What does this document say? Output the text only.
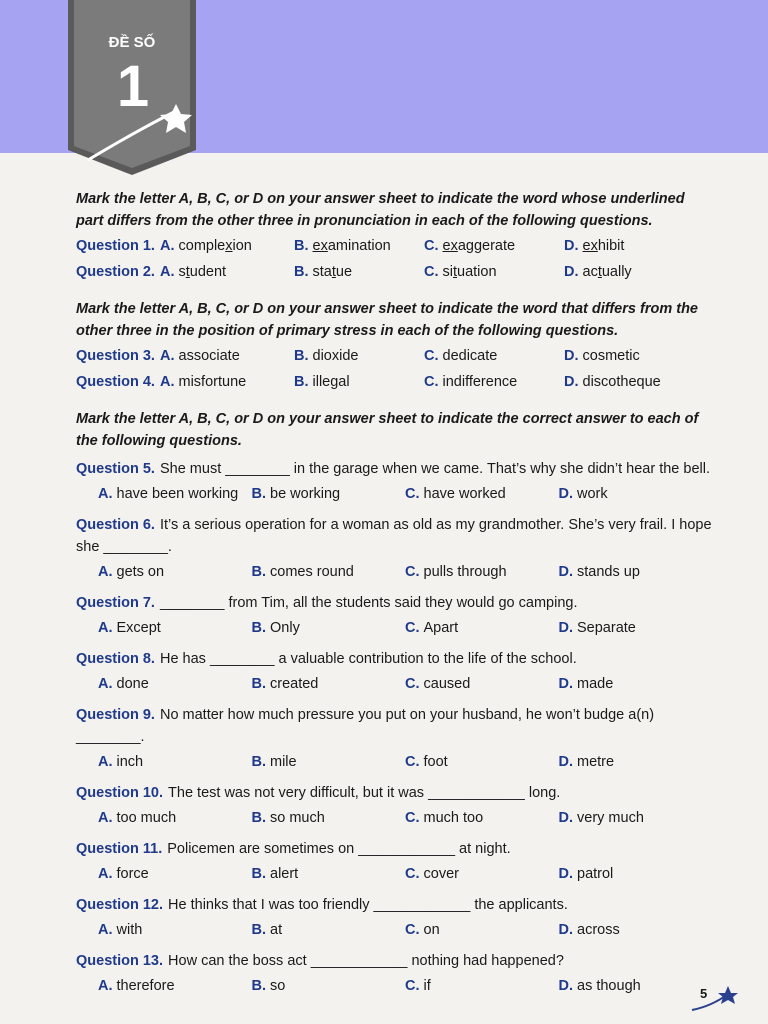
ĐỀ SỐ
1

Mark the letter A, B, C, or D on your answer sheet to indicate the word whose underlined part differs from the other three in pronunciation in each of the following questions.

Question 1. A. comple x ion	B. ex amination C. ex aggerate	D. ex hibit
Question 2. A. s t udent	B. sta t ue	C. si t uation	D. ac t ually

Mark the letter A, B, C, or D on your answer sheet to indicate the word that differs from the other three in the position of primary stress in each of the following questions.

Question 3. A. associate	B. dioxide	C. dedicate	D. cosmetic
Question 4. A. misfortune	B. illegal	C. indifference	D. discotheque

Mark the letter A, B, C, or D on your answer sheet to indicate the correct answer to each of the following questions.

Question 5. She must ________ in the garage when we came. That’s why she didn’t hear the bell.
A. have been working B. be working	C. have worked	D. work
Question 6. It’s a serious operation for a woman as old as my grandmother. She’s very frail. I hope she ________.
A. gets on	B. comes round	C. pulls through	D. stands up
Question 7. ________ from Tim, all the students said they would go camping.
A. Except	B. Only	C. Apart	D. Separate
Question 8. He has ________ a valuable contribution to the life of the school.
A. done	B. created	C. caused	D. made
Question 9. No matter how much pressure you put on your husband, he won’t budge a(n) ________.
A. inch	B. mile	C. foot	D. metre
Question 10. The test was not very difficult, but it was ____________ long.
A. too much	B. so much	C. much too	D. very much
Question 11. Policemen are sometimes on ____________ at night.
A. force	B. alert	C. cover	D. patrol
Question 12. He thinks that I was too friendly ____________ the applicants.
A. with	B. at	C. on	D. across
Question 13. How can the boss act ____________ nothing had happened?
A. therefore	B. so	C. if	D. as though	5
